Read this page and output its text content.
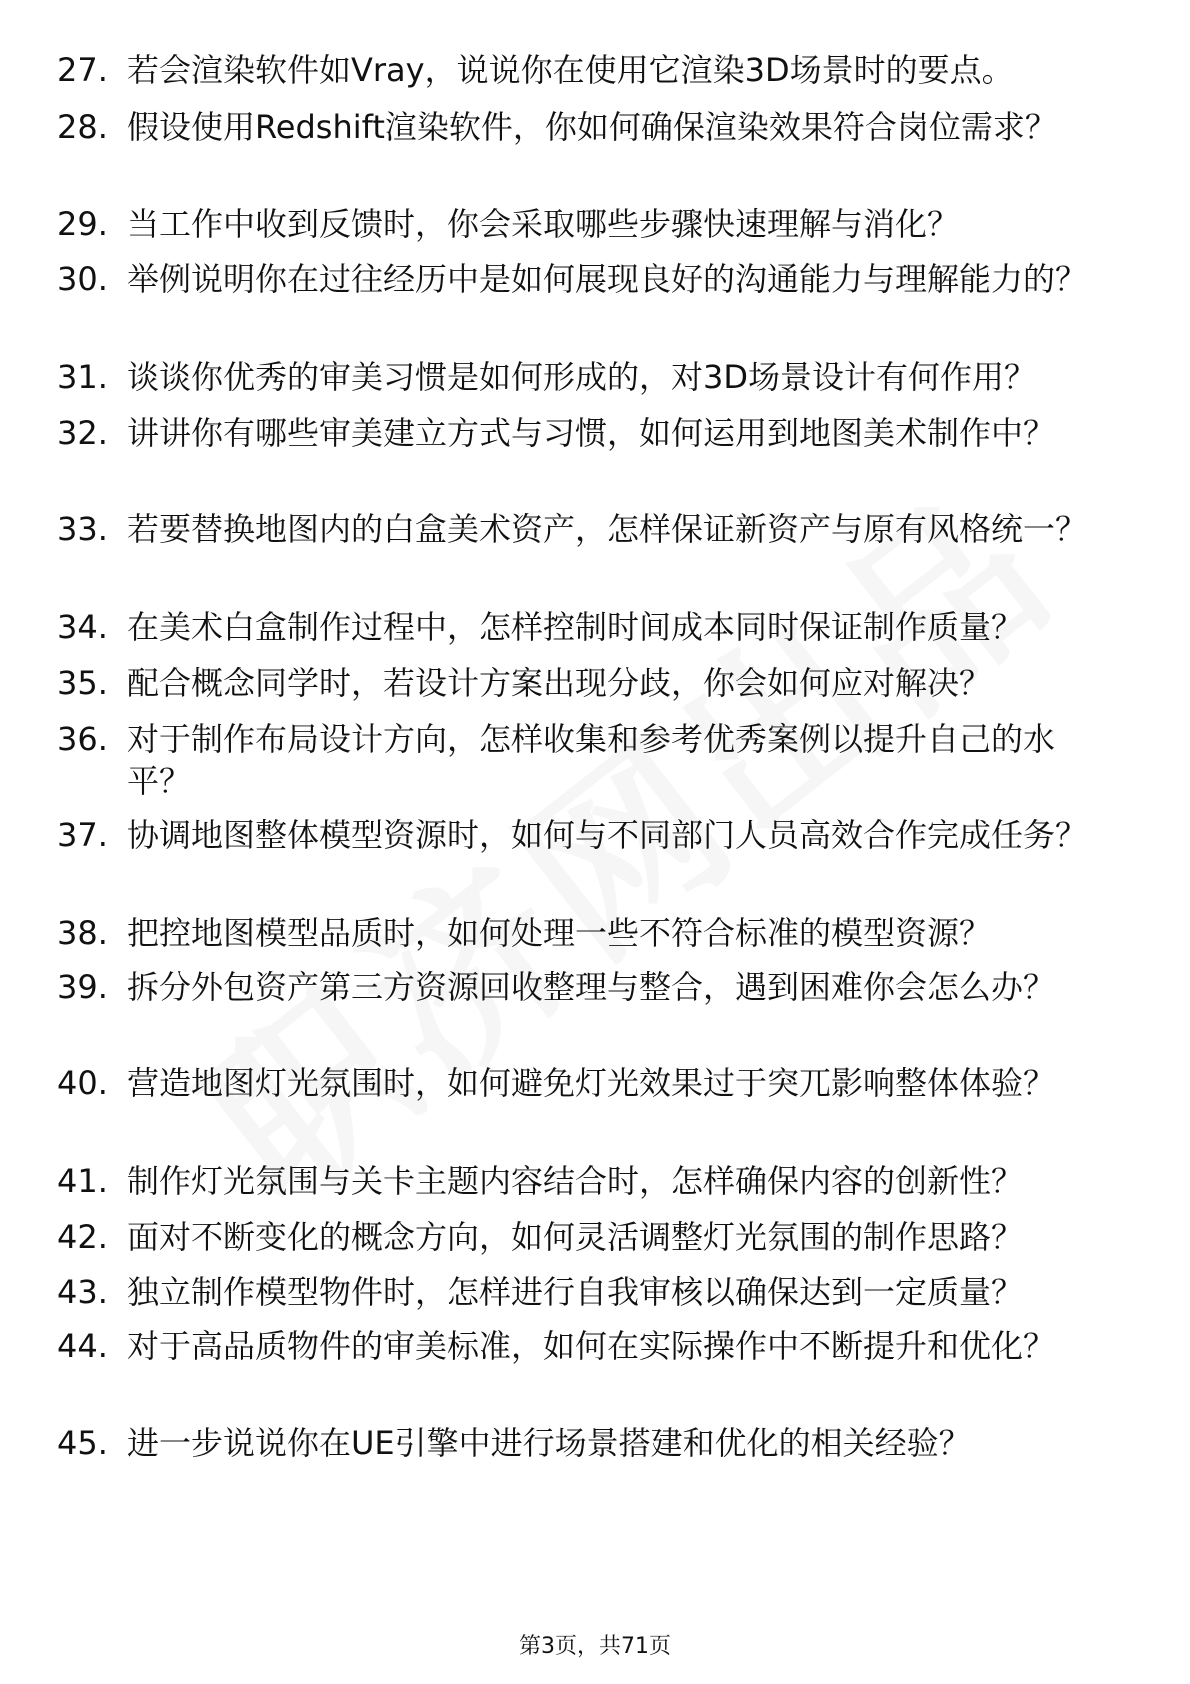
27. 若会渲染软件如Vray，说说你在使用它渲染3D场景时的要点。
28. 假设使用Redshift渲染软件，你如何确保渲染效果符合岗位需求？
29. 当工作中收到反馈时，你会采取哪些步骤快速理解与消化？
30. 举例说明你在过往经历中是如何展现良好的沟通能力与理解能力的？
31. 谈谈你优秀的审美习惯是如何形成的，对3D场景设计有何作用？
32. 讲讲你有哪些审美建立方式与习惯，如何运用到地图美术制作中？
33. 若要替换地图内的白盒美术资产，怎样保证新资产与原有风格统一？
34. 在美术白盒制作过程中，怎样控制时间成本同时保证制作质量？
35. 配合概念同学时，若设计方案出现分歧，你会如何应对解决？
36. 对于制作布局设计方向，怎样收集和参考优秀案例以提升自己的水平？
37. 协调地图整体模型资源时，如何与不同部门人员高效合作完成任务？
38. 把控地图模型品质时，如何处理一些不符合标准的模型资源？
39. 拆分外包资产第三方资源回收整理与整合，遇到困难你会怎么办？
40. 营造地图灯光氛围时，如何避免灯光效果过于突兀影响整体体验？
41. 制作灯光氛围与关卡主题内容结合时，怎样确保内容的创新性？
42. 面对不断变化的概念方向，如何灵活调整灯光氛围的制作思路？
43. 独立制作模型物件时，怎样进行自我审核以确保达到一定质量？
44. 对于高品质物件的审美标准，如何在实际操作中不断提升和优化？
45. 进一步说说你在UE引擎中进行场景搭建和优化的相关经验？
第3页，共71页
